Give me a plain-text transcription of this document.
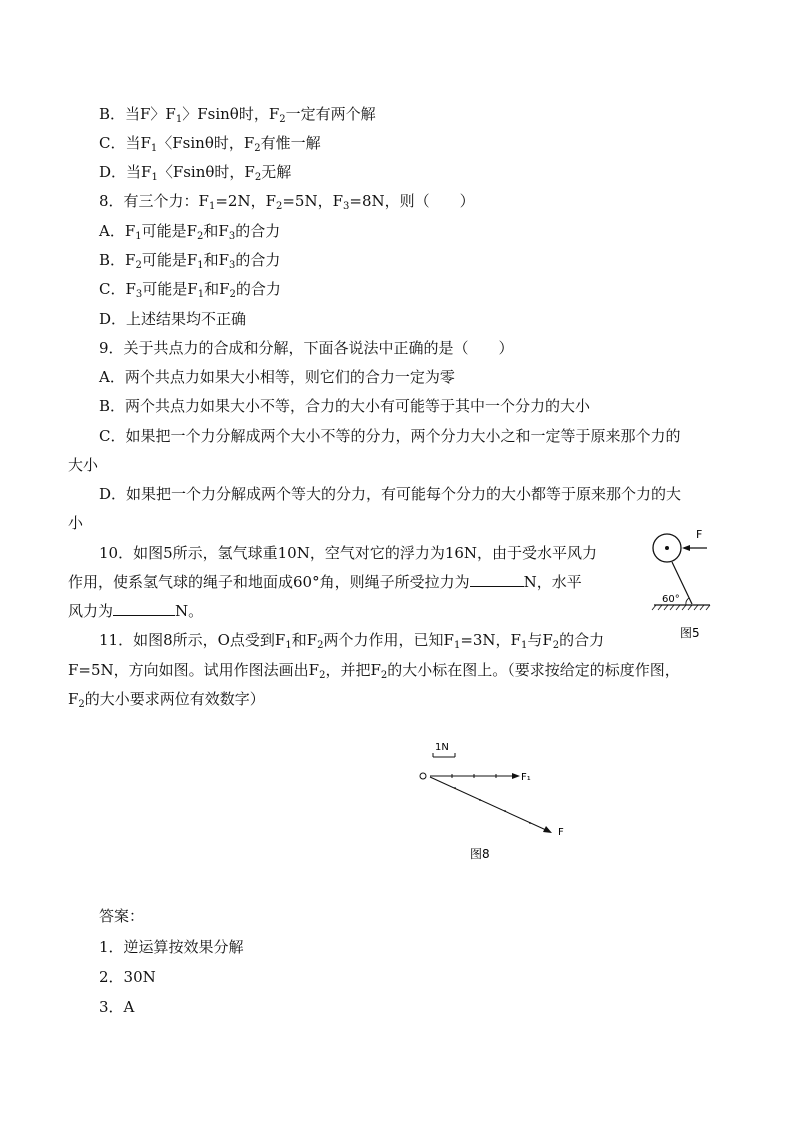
B．当F〉$F_1$〉Fsinθ时，$F_2$一定有两个解
C．当$F_1$〈Fsinθ时，$F_2$有惟一解
D．当$F_1$〈Fsinθ时，$F_2$无解
8．有三个力：$F_1=2N$，$F_2=5N$，$F_3=8N$，则（　　）
A．$F_1$可能是$F_2$和$F_3$的合力
B．$F_2$可能是$F_1$和$F_3$的合力
C．$F_3$可能是$F_1$和$F_2$的合力
D．上述结果均不正确
9．关于共点力的合成和分解，下面各说法中正确的是（　　）
A．两个共点力如果大小相等，则它们的合力一定为零
B．两个共点力如果大小不等，合力的大小有可能等于其中一个分力的大小
C．如果把一个力分解成两个大小不等的分力，两个分力大小之和一定等于原来那个力的
大小
D．如果把一个力分解成两个等大的分力，有可能每个分力的大小都等于原来那个力的大
小
10．如图5所示，氢气球重10N，空气对它的浮力为16N，由于受水平风力
作用，使系氢气球的绳子和地面成60°角，则绳子所受拉力为	N，水平
风力为	N。
F
60°
图5
11．如图8所示，O点受到$F_1$和$F_2$两个力作用，已知$F_1=3N$，$F_1$与$F_2$的合力
F=5N，方向如图。试用作图法画出$F_2$，并把$F_2$的大小标在图上。（要求按给定的标度作图，
$F_2$的大小要求两位有效数字）
1N
F₁
F
图8
答案：
1．逆运算按效果分解
2．30N
3．A
